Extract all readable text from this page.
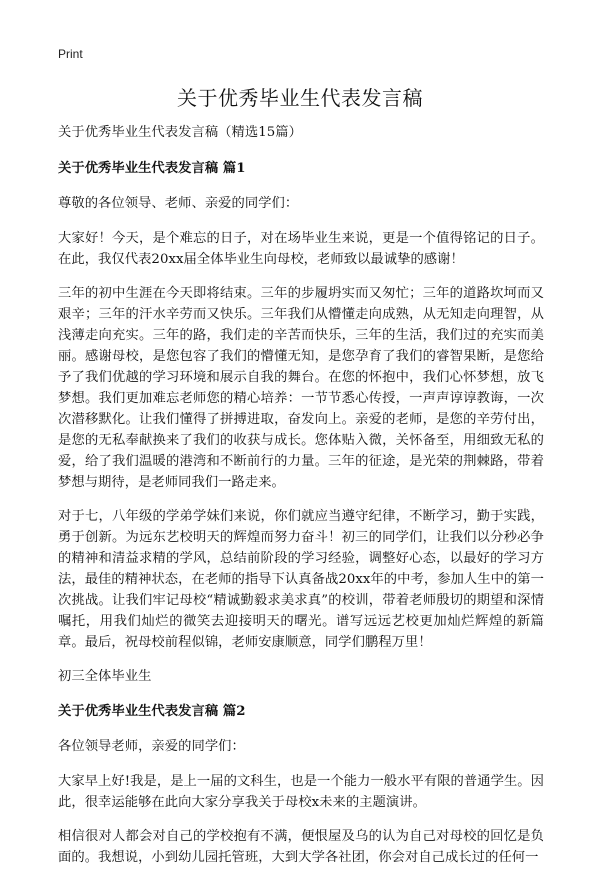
Print
关于优秀毕业生代表发言稿

关于优秀毕业生代表发言稿（精选15篇）

关于优秀毕业生代表发言稿 篇1

尊敬的各位领导、老师、亲爱的同学们：

大家好！今天，是个难忘的日子，对在场毕业生来说，更是一个值得铭记的日子。在此，我仅代表20xx届全体毕业生向母校，老师致以最诚挚的感谢！

三年的初中生涯在今天即将结束。三年的步履坍实而又匆忙；三年的道路坎坷而又艰辛；三年的汗水辛劳而又快乐。三年我们从懵懂走向成熟，从无知走向理智，从浅薄走向充实。三年的路，我们走的辛苦而快乐，三年的生活，我们过的充实而美丽。感谢母校，是您包容了我们的懵懂无知，是您孕育了我们的睿智果断，是您给予了我们优越的学习环境和展示自我的舞台。在您的怀抱中，我们心怀梦想，放飞梦想。我们更加难忘老师您的精心培养：一节节悉心传授，一声声谆谆教诲，一次次潜移默化。让我们懂得了拼搏进取，奋发向上。亲爱的老师，是您的辛劳付出，是您的无私奉献换来了我们的收获与成长。您体贴入微，关怀备至，用细致无私的爱，给了我们温暖的港湾和不断前行的力量。三年的征途，是光荣的荆棘路，带着梦想与期待，是老师同我们一路走来。

对于七，八年级的学弟学妹们来说，你们就应当遵守纪律，不断学习，勤于实践，勇于创新。为远东艺校明天的辉煌而努力奋斗！初三的同学们，让我们以分秒必争的精神和清益求精的学风，总结前阶段的学习经验，调整好心态，以最好的学习方法，最佳的精神状态，在老师的指导下认真备战20xx年的中考，参加人生中的第一次挑战。让我们牢记母校“精诚勤毅求美求真”的校训，带着老师殷切的期望和深情嘱托，用我们灿烂的微笑去迎接明天的曙光。谱写远远艺校更加灿烂辉煌的新篇章。最后，祝母校前程似锦，老师安康顺意，同学们鹏程万里！

初三全体毕业生

关于优秀毕业生代表发言稿 篇2

各位领导老师，亲爱的同学们：

大家早上好!我是，是上一届的文科生，也是一个能力一般水平有限的普通学生。因此，很幸运能够在此向大家分享我关于母校x未来的主题演讲。

相信很对人都会对自己的学校抱有不满，便恨屋及乌的认为自己对母校的回忆是负面的。我想说，小到幼儿园托管班，大到大学各社团，你会对自己成长过的任何一
